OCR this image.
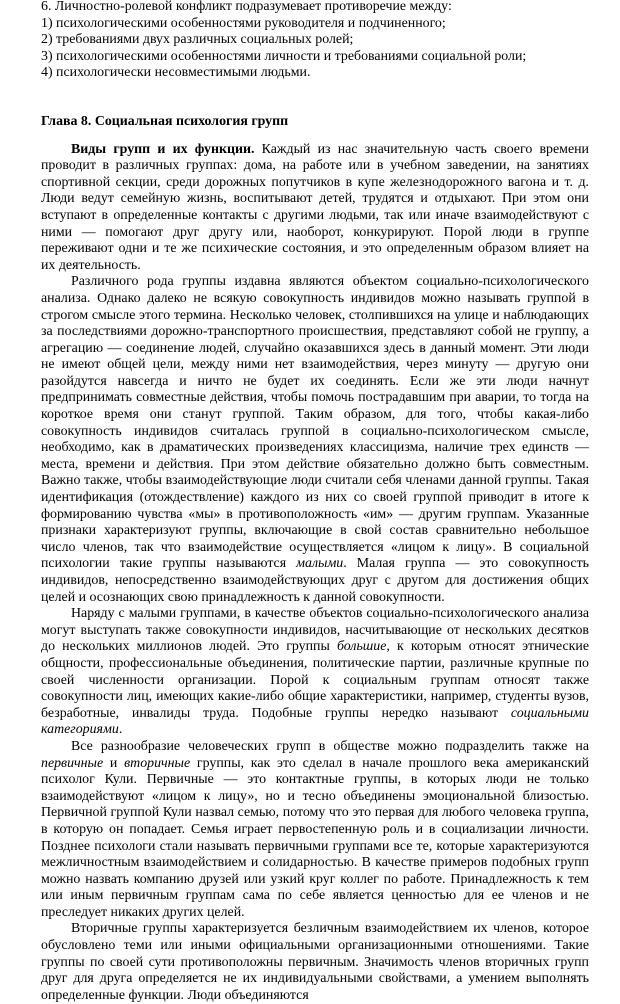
6. Личностно-ролевой конфликт подразумевает противоречие между:
1) психологическими особенностями руководителя и подчиненного;
2) требованиями двух различных социальных ролей;
3) психологическими особенностями личности и требованиями социальной роли;
4) психологически несовместимыми людьми.
Глава 8. Социальная психология групп

Виды групп и их функции. Каждый из нас значительную часть своего времени проводит в различных группах: дома, на работе или в учебном заведении, на занятиях спортивной секции, среди дорожных попутчиков в купе железнодорожного вагона и т. д. Люди ведут семейную жизнь, воспитывают детей, трудятся и отдыхают. При этом они вступают в определенные контакты с другими людьми, так или иначе взаимодействуют с ними — помогают друг другу или, наоборот, конкурируют. Порой люди в группе переживают одни и те же психические состояния, и это определенным образом влияет на их деятельность.

Различного рода группы издавна являются объектом социально-психологического анализа. Однако далеко не всякую совокупность индивидов можно называть группой в строгом смысле этого термина. Несколько человек, столпившихся на улице и наблюдающих за последствиями дорожно-транспортного происшествия, представляют собой не группу, а агрегацию — соединение людей, случайно оказавшихся здесь в данный момент. Эти люди не имеют общей цели, между ними нет взаимодействия, через минуту — другую они разойдутся навсегда и ничто не будет их соединять. Если же эти люди начнут предпринимать совместные действия, чтобы помочь пострадавшим при аварии, то тогда на короткое время они станут группой. Таким образом, для того, чтобы какая-либо совокупность индивидов считалась группой в социально-психологическом смысле, необходимо, как в драматических произведениях классицизма, наличие трех единств — места, времени и действия. При этом действие обязательно должно быть совместным. Важно также, чтобы взаимодействующие люди считали себя членами данной группы. Такая идентификация (отождествление) каждого из них со своей группой приводит в итоге к формированию чувства «мы» в противоположность «им» — другим группам. Указанные признаки характеризуют группы, включающие в свой состав сравнительно небольшое число членов, так что взаимодействие осуществляется «лицом к лицу». В социальной психологии такие группы называются малыми. Малая группа — это совокупность индивидов, непосредственно взаимодействующих друг с другом для достижения общих целей и осознающих свою принадлежность к данной совокупности.

Наряду с малыми группами, в качестве объектов социально-психологического анализа могут выступать также совокупности индивидов, насчитывающие от нескольких десятков до нескольких миллионов людей. Это группы большие, к которым относят этнические общности, профессиональные объединения, политические партии, различные крупные по своей численности организации. Порой к социальным группам относят также совокупности лиц, имеющих какие-либо общие характеристики, например, студенты вузов, безработные, инвалиды труда. Подобные группы нередко называют социальными категориями.

Все разнообразие человеческих групп в обществе можно подразделить также на первичные и вторичные группы, как это сделал в начале прошлого века американский психолог Кули. Первичные — это контактные группы, в которых люди не только взаимодействуют «лицом к лицу», но и тесно объединены эмоциональной близостью. Первичной группой Кули назвал семью, потому что это первая для любого человека группа, в которую он попадает. Семья играет первостепенную роль и в социализации личности. Позднее психологи стали называть первичными группами все те, которые характеризуются межличностным взаимодействием и солидарностью. В качестве примеров подобных групп можно назвать компанию друзей или узкий круг коллег по работе. Принадлежность к тем или иным первичным группам сама по себе является ценностью для ее членов и не преследует никаких других целей.

Вторичные группы характеризуется безличным взаимодействием их членов, которое обусловлено теми или иными официальными организационными отношениями. Такие группы по своей сути противоположны первичным. Значимость членов вторичных групп друг для друга определяется не их индивидуальными свойствами, а умением выполнять определенные функции. Люди объединяются
